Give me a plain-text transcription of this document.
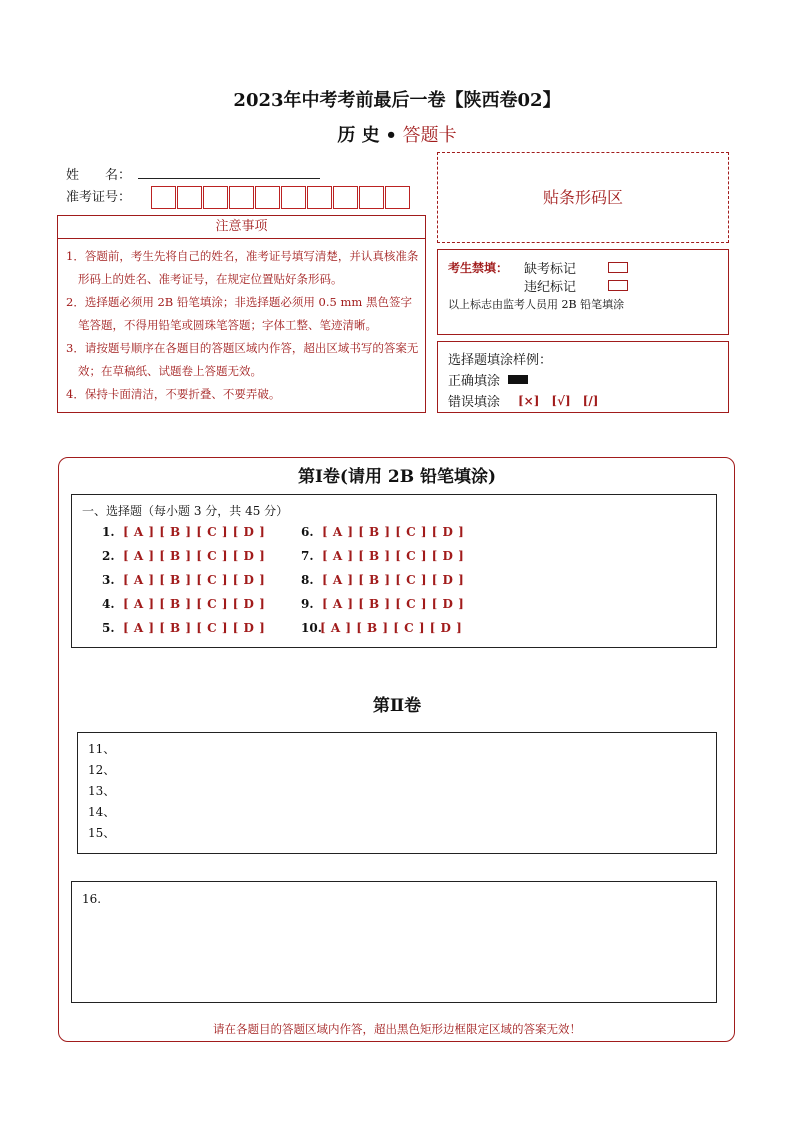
2023年中考考前最后一卷【陕西卷02】
历 史 • 答题卡
姓　　名：
准考证号：
注意事项
1．答题前，考生先将自己的姓名，准考证号填写清楚，并认真核准条形码上的姓名、准考证号，在规定位置贴好条形码。
2．选择题必须用 2B 铅笔填涂；非选择题必须用 0.5 mm 黑色签字笔答题，不得用铅笔或圆珠笔答题；字体工整、笔迹清晰。
3．请按题号顺序在各题目的答题区域内作答，超出区域书写的答案无效；在草稿纸、试题卷上答题无效。
4．保持卡面清洁，不要折叠、不要弄破。
贴条形码区
考生禁填： 缺考标记
违纪标记
以上标志由监考人员用 2B 铅笔填涂
选择题填涂样例：
正确填涂
错误填涂 [×]　[√]　[/]
第Ⅰ卷(请用 2B 铅笔填涂)
一、选择题（每小题 3 分，共 45 分）
1. [ A ] [ B ] [ C ] [ D ]
2. [ A ] [ B ] [ C ] [ D ]
3. [ A ] [ B ] [ C ] [ D ]
4. [ A ] [ B ] [ C ] [ D ]
5. [ A ] [ B ] [ C ] [ D ]
6. [ A ] [ B ] [ C ] [ D ]
7. [ A ] [ B ] [ C ] [ D ]
8. [ A ] [ B ] [ C ] [ D ]
9. [ A ] [ B ] [ C ] [ D ]
10.
[ A ] [ B ] [ C ] [ D ]
第Ⅱ卷
11、
12、
13、
14、
15、
16.
请在各题目的答题区域内作答，超出黑色矩形边框限定区域的答案无效！
